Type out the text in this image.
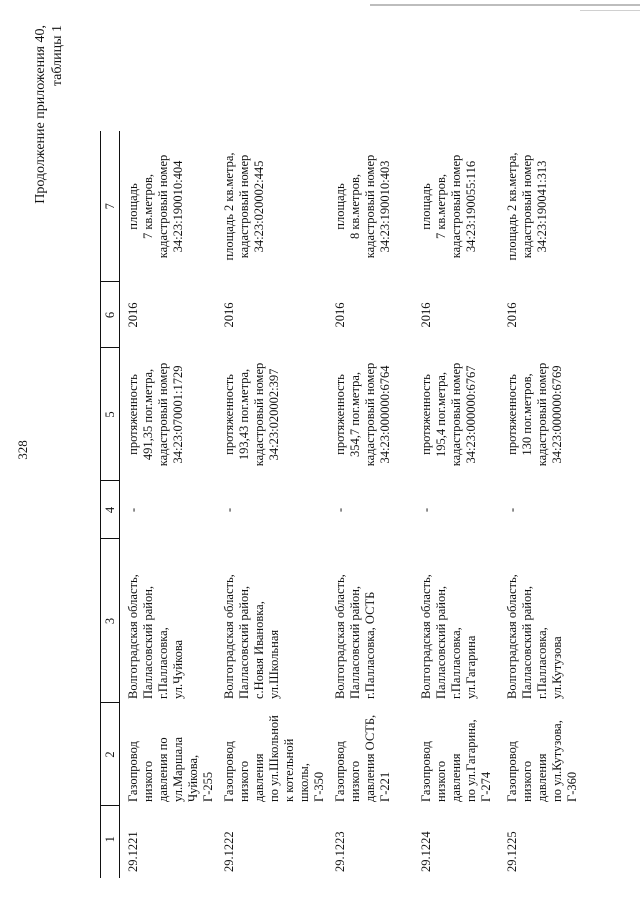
328
Продолжение приложения 40, таблицы 1
1	2	3	4	5	6	7
29.1221	Газопровод низкого
давления по
ул.Маршала Чуйкова,
Г-255	Волгоградская область,
Палласовский район,
г.Палласовка,
ул.Чуйкова	-	протяженность
491,35 пог.метра,
кадастровый номер
34:23:070001:1729	2016	площадь
7 кв.метров,
кадастровый номер
34:23:190010:404
29.1222	Газопровод низкого
давления
по ул.Школьной
к котельной школы,
Г-350	Волгоградская область,
Палласовский район,
с.Новая Ивановка,
ул.Школьная	-	протяженность
193,43 пог.метра,
кадастровый номер
34:23:020002:397	2016	площадь 2 кв.метра,
кадастровый номер
34:23:020002:445
29.1223	Газопровод низкого
давления ОСТБ, Г-221	Волгоградская область,
Палласовский район,
г.Палласовка, ОСТБ	-	протяженность
354,7 пог.метра,
кадастровый номер
34:23:000000:6764	2016	площадь
8 кв.метров,
кадастровый номер
34:23:190010:403
29.1224	Газопровод низкого
давления
по ул.Гагарина, Г-274	Волгоградская область,
Палласовский район,
г.Палласовка,
ул.Гагарина	-	протяженность
195,4 пог.метра,
кадастровый номер
34:23:000000:6767	2016	площадь
7 кв.метров,
кадастровый номер
34:23:190055:116
29.1225	Газопровод низкого
давления
по ул.Кутузова, Г-360	Волгоградская область,
Палласовский район,
г.Палласовка,
ул.Кутузова	-	протяженность
130 пог.метров,
кадастровый номер
34:23:000000:6769	2016	площадь 2 кв.метра,
кадастровый номер
34:23:190041:313
